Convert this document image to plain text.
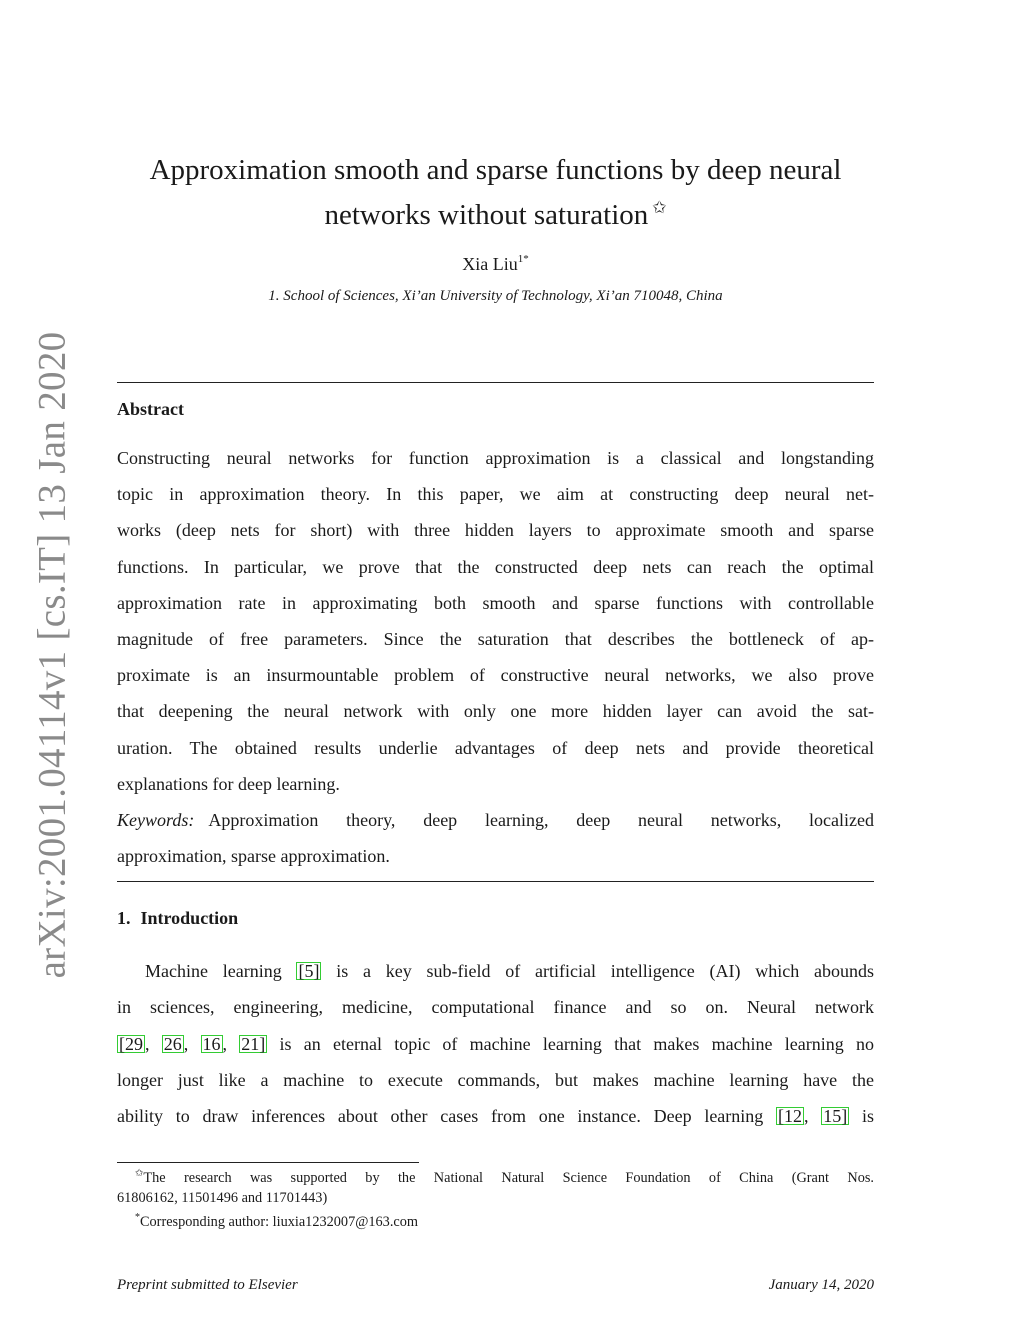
arXiv:2001.04114v1 [cs.IT] 13 Jan 2020
Approximation smooth and sparse functions by deep neural
networks without saturation ✩
Xia Liu$^{1*}$
1. School of Sciences, Xi’an University of Technology, Xi’an 710048, China
Abstract
Constructing neural networks for function approximation is a classical and longstanding
topic in approximation theory. In this paper, we aim at constructing deep neural net-
works (deep nets for short) with three hidden layers to approximate smooth and sparse
functions. In particular, we prove that the constructed deep nets can reach the optimal
approximation rate in approximating both smooth and sparse functions with controllable
magnitude of free parameters. Since the saturation that describes the bottleneck of ap-
proximate is an insurmountable problem of constructive neural networks, we also prove
that deepening the neural network with only one more hidden layer can avoid the sat-
uration. The obtained results underlie advantages of deep nets and provide theoretical
explanations for deep learning.
Keywords: Approximation theory, deep learning, deep neural networks, localized
approximation, sparse approximation.
1. Introduction
Machine learning [5] is a key sub-field of artificial intelligence (AI) which abounds
in sciences, engineering, medicine, computational finance and so on. Neural network
[29 , 26 , 16 , 21] is an eternal topic of machine learning that makes machine learning no
longer just like a machine to execute commands, but makes machine learning have the
ability to draw inferences about other cases from one instance. Deep learning [12 , 15] is
✩The research was supported by the National Natural Science Foundation of China (Grant Nos.
61806162, 11501496 and 11701443)
*Corresponding author: liuxia1232007@163.com
Preprint submitted to Elsevier	January 14, 2020
